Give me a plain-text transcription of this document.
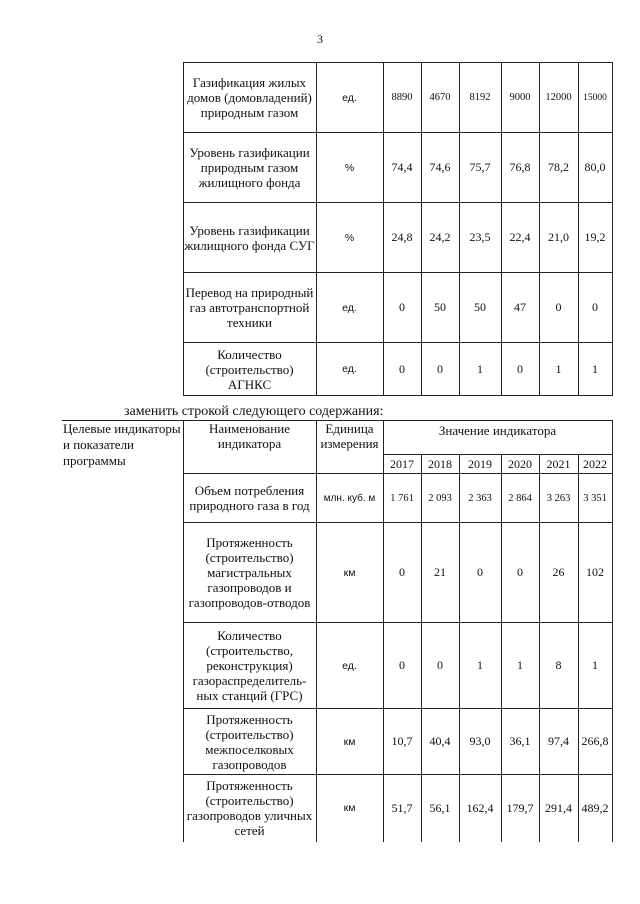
3
	Газификация жилых домов (домовладений) природным газом	ед.	8890	4670	8192	9000	12000	15000
	Уровень газификации природным газом жилищного фонда	%	74,4	74,6	75,7	76,8	78,2	80,0
	Уровень газификации жилищного фонда СУГ	%	24,8	24,2	23,5	22,4	21,0	19,2
	Перевод на природный газ автотранспортной техники	ед.	0	50	50	47	0	0
	Количество (строительство) АГНКС	ед.	0	0	1	0	1	1
заменить строкой следующего содержания:
Целевые индикаторы и показатели программы	Наименование индикатора	Единица измерения	Значение индикатора					
			2017	2018	2019	2020	2021	2022
	Объем потребления природного газа в год	млн. куб. м	1 761	2 093	2 363	2 864	3 263	3 351
	Протяженность (строительство) магистральных газопроводов и газопроводов-отводов	км	0	21	0	0	26	102
	Количество (строительство, реконструкция) газораспределитель-ных станций (ГРС)	ед.	0	0	1	1	8	1
	Протяженность (строительство) межпоселковых газопроводов	км	10,7	40,4	93,0	36,1	97,4	266,8
	Протяженность (строительство) газопроводов уличных сетей	км	51,7	56,1	162,4	179,7	291,4	489,2
